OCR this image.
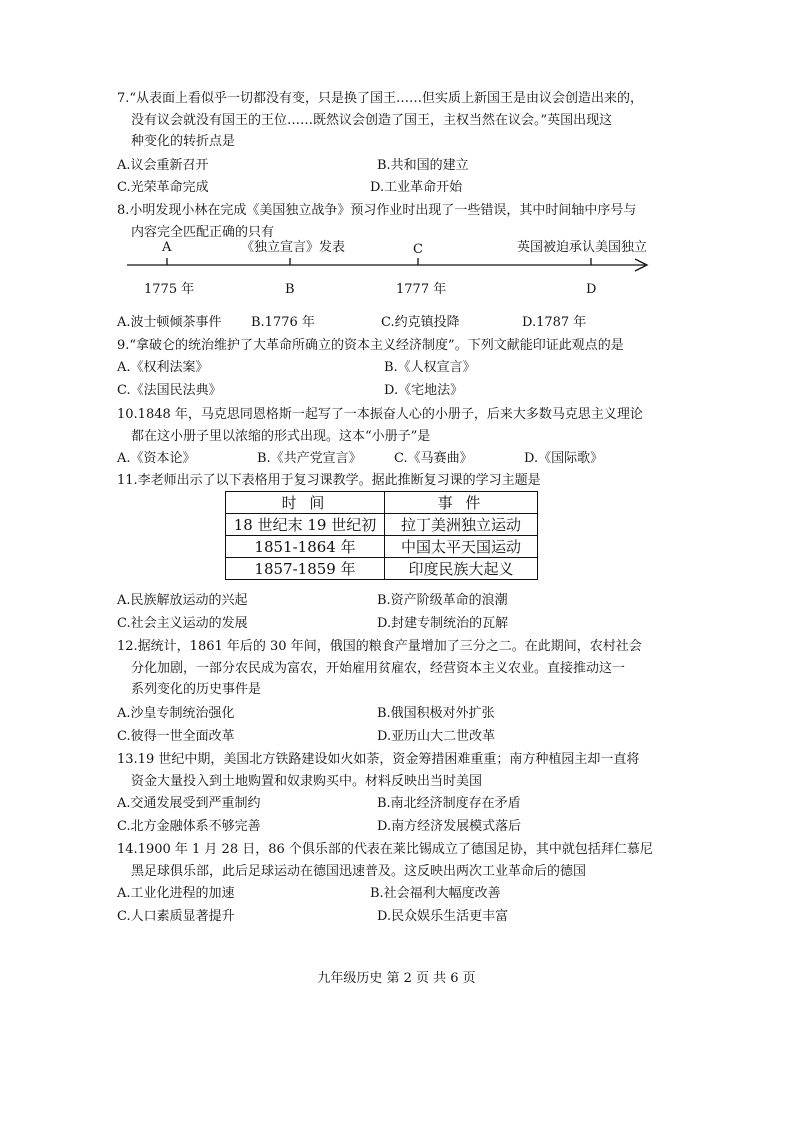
7.“从表面上看似乎一切都没有变，只是换了国王……但实质上新国王是由议会创造出来的，
没有议会就没有国王的王位……既然议会创造了国王，主权当然在议会。”英国出现这
种变化的转折点是
A.议会重新召开	B.共和国的建立
C.光荣革命完成	D.工业革命开始
8.小明发现小林在完成《美国独立战争》预习作业时出现了一些错误，其中时间轴中序号与
内容完全匹配正确的只有
A	《独立宣言》发表	C	英国被迫承认美国独立
1775 年	B	1777 年	D
A.波士顿倾茶事件 B.1776 年	C.约克镇投降	D.1787 年
9.“拿破仑的统治维护了大革命所确立的资本主义经济制度”。下列文献能印证此观点的是
A.《权利法案》	B.《人权宣言》
C.《法国民法典》	D.《宅地法》
10.1848 年，马克思同恩格斯一起写了一本振奋人心的小册子，后来大多数马克思主义理论
都在这小册子里以浓缩的形式出现。这本“小册子”是
A.《资本论》	B.《共产党宣言》 C.《马赛曲》	D.《国际歌》
11.李老师出示了以下表格用于复习课教学。据此推断复习课的学习主题是
时 间	事 件
18 世纪末 19 世纪初	拉丁美洲独立运动
1851-1864 年	中国太平天国运动
1857-1859 年	印度民族大起义
A.民族解放运动的兴起	B.资产阶级革命的浪潮
C.社会主义运动的发展	D.封建专制统治的瓦解
12.据统计，1861 年后的 30 年间，俄国的粮食产量增加了三分之二。在此期间，农村社会
分化加剧，一部分农民成为富农，开始雇用贫雇农，经营资本主义农业。直接推动这一
系列变化的历史事件是
A.沙皇专制统治强化	B.俄国积极对外扩张
C.彼得一世全面改革	D.亚历山大二世改革
13.19 世纪中期，美国北方铁路建设如火如荼，资金筹措困难重重；南方种植园主却一直将
资金大量投入到土地购置和奴隶购买中。材料反映出当时美国
A.交通发展受到严重制约	B.南北经济制度存在矛盾
C.北方金融体系不够完善	D.南方经济发展模式落后
14.1900 年 1 月 28 日，86 个俱乐部的代表在莱比锡成立了德国足协，其中就包括拜仁慕尼
黑足球俱乐部，此后足球运动在德国迅速普及。这反映出两次工业革命后的德国
A.工业化进程的加速	B.社会福利大幅度改善
C.人口素质显著提升	D.民众娱乐生活更丰富
九年级历史 第 2 页 共 6 页
